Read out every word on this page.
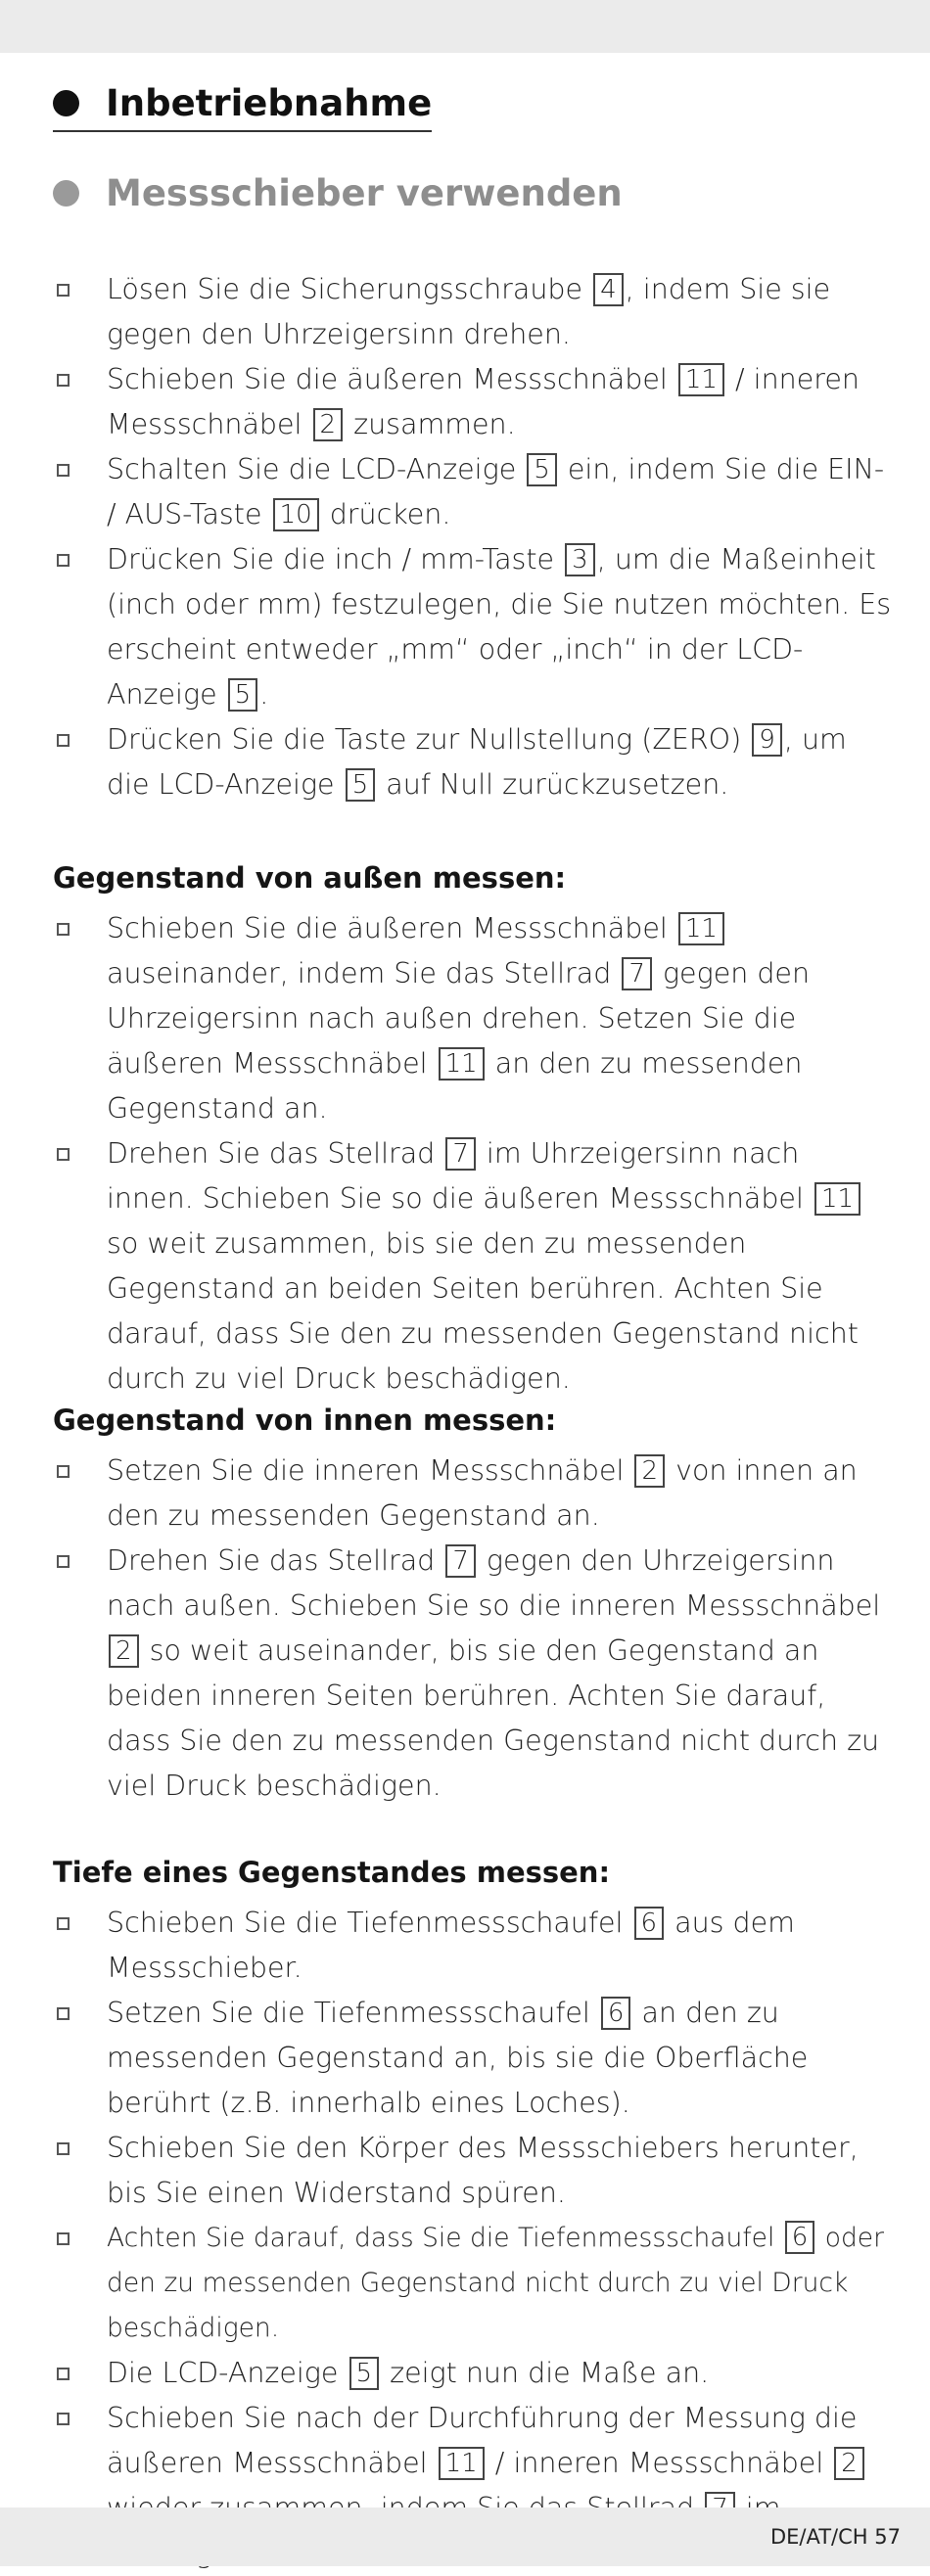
Inbetriebnahme
Messschieber verwenden
Lösen Sie die Sicherungsschraube 4 , indem Sie sie gegen den Uhrzeigersinn drehen.
Schieben Sie die äußeren Messschnäbel 11 / inneren Messschnäbel 2 zusammen.
Schalten Sie die LCD-Anzeige 5 ein, indem Sie die EIN- / AUS-Taste 10 drücken.
Drücken Sie die inch / mm-Taste 3 , um die Maßeinheit (inch oder mm) festzulegen, die Sie nutzen möchten. Es erscheint entweder „mm“ oder „inch“ in der LCD-Anzeige 5 .
Drücken Sie die Taste zur Nullstellung (ZERO) 9 , um die LCD-Anzeige 5 auf Null zurückzusetzen.
Gegenstand von außen messen:
Schieben Sie die äußeren Messschnäbel 11 auseinander, indem Sie das Stellrad 7 gegen den Uhrzeigersinn nach außen drehen. Setzen Sie die äußeren Messschnäbel 11 an den zu messenden Gegenstand an.
Drehen Sie das Stellrad 7 im Uhrzeigersinn nach innen. Schieben Sie so die äußeren Messschnäbel 11 so weit zusammen, bis sie den zu messenden Gegenstand an beiden Seiten berühren. Achten Sie darauf, dass Sie den zu messenden Gegenstand nicht durch zu viel Druck beschädigen.
Gegenstand von innen messen:
Setzen Sie die inneren Messschnäbel 2 von innen an den zu messenden Gegenstand an.
Drehen Sie das Stellrad 7 gegen den Uhrzeigersinn nach außen. Schieben Sie so die inneren Messschnäbel 2 so weit auseinander, bis sie den Gegenstand an beiden inneren Seiten berühren. Achten Sie darauf, dass Sie den zu messenden Gegenstand nicht durch zu viel Druck beschädigen.
Tiefe eines Gegenstandes messen:
Schieben Sie die Tiefenmessschaufel 6 aus dem Messschieber.
Setzen Sie die Tiefenmessschaufel 6 an den zu messenden Gegenstand an, bis sie die Oberfläche berührt (z.B. innerhalb eines Loches).
Schieben Sie den Körper des Messschiebers herunter, bis Sie einen Widerstand spüren.
Achten Sie darauf, dass Sie die Tiefenmessschaufel 6 oder den zu messenden Gegenstand nicht durch zu viel Druck beschädigen.
Die LCD-Anzeige 5 zeigt nun die Maße an.
Schieben Sie nach der Durchführung der Messung die äußeren Messschnäbel 11 / inneren Messschnäbel 2
DE/AT/CH 57
